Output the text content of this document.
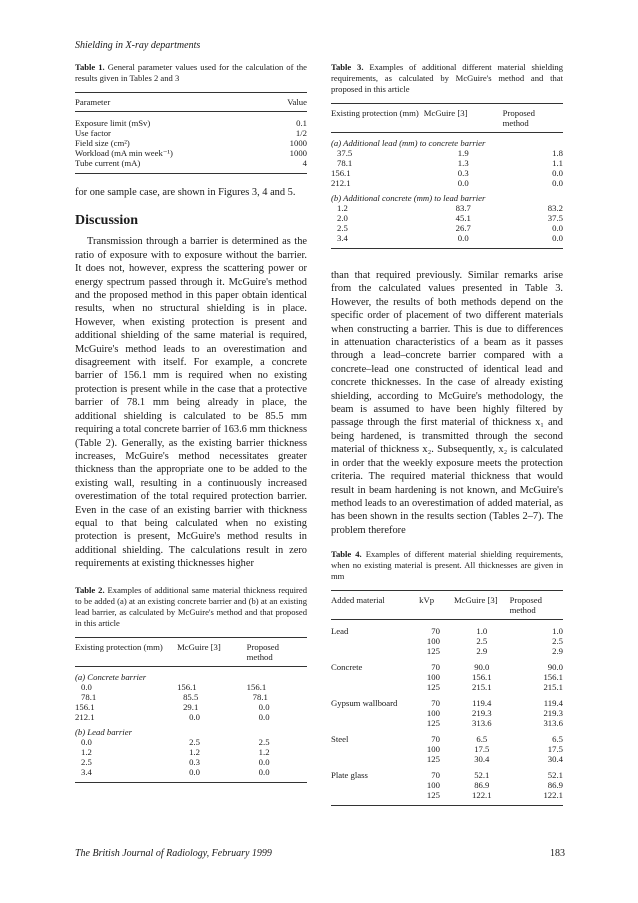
Shielding in X-ray departments

Table 1. General parameter values used for the calculation of the results given in Tables 2 and 3

Parameter	Value

Exposure limit (mSv)	0.1
Use factor	1/2
Field size (cm²)	1000
Workload (mA min week⁻¹)	1000
Tube current (mA)	4

for one sample case, are shown in Figures 3, 4 and 5.

Discussion

Transmission through a barrier is determined as the ratio of exposure with to exposure without the barrier. It does not, however, express the scattering power or energy spectrum passed through it. McGuire's method and the proposed method in this paper obtain identical results, when no structural shielding is in place. However, when existing protection is present and additional shielding of the same material is required, McGuire's method leads to an overestimation and disagreement with itself. For example, a concrete barrier of 156.1 mm is required when no existing protection is present while in the case that a protective barrier of 78.1 mm being already in place, the additional shielding is calculated to be 85.5 mm requiring a total concrete barrier of 163.6 mm thickness (Table 2). Generally, as the existing barrier thickness increases, McGuire's method necessitates greater thickness than the appropriate one to be added to the existing wall, resulting in a continuously increased overestimation of the total required protection barrier. Even in the case of an existing barrier with thickness equal to that being calculated when no existing protection is present, McGuire's method results in additional shielding. The calculations result in zero requirements at existing thicknesses higher

Table 2. Examples of additional same material thickness required to be added (a) at an existing concrete barrier and (b) at an existing lead barrier, as calculated by McGuire's method and that proposed in this article

Existing protection (mm)	McGuire [3]	Proposed method
(a) Concrete barrier		
0.0	156.1	156.1
78.1	85.5	78.1
156.1	29.1	0.0
212.1	0.0	0.0
(b) Lead barrier		
0.0	2.5	2.5
1.2	1.2	1.2
2.5	0.3	0.0
3.4	0.0	0.0

Table 3. Examples of additional different material shielding requirements, as calculated by McGuire's method and that proposed in this article

Existing protection (mm)	McGuire [3]	Proposed method
(a) Additional lead (mm) to concrete barrier		
37.5	1.9	1.8
78.1	1.3	1.1
156.1	0.3	0.0
212.1	0.0	0.0
(b) Additional concrete (mm) to lead barrier		
1.2	83.7	83.2
2.0	45.1	37.5
2.5	26.7	0.0
3.4	0.0	0.0

than that required previously. Similar remarks arise from the calculated values presented in Table 3. However, the results of both methods depend on the specific order of placement of two different materials when constructing a barrier. This is due to differences in attenuation characteristics of a beam as it passes through a lead–concrete barrier compared with a concrete–lead one constructed of identical lead and concrete thicknesses. In the case of already existing shielding, according to McGuire's methodology, the beam is assumed to have been highly filtered by passage through the first material of thickness x₁ and being hardened, is transmitted through the second material of thickness x₂. Subsequently, x₂ is calculated in order that the weekly exposure meets the protection criteria. The required material thickness that would result in beam hardening is not known, and McGuire's method leads to an overestimation of added material, as has been shown in the results section (Tables 2–7). The problem therefore

Table 4. Examples of different material shielding requirements, when no existing material is present. All thicknesses are given in mm

Added material	kVp	McGuire [3]	Proposed method

Lead	70	1.0	1.0
	100	2.5	2.5
	125	2.9	2.9

Concrete	70	90.0	90.0
	100	156.1	156.1
	125	215.1	215.1

Gypsum wallboard	70	119.4	119.4
	100	219.3	219.3
	125	313.6	313.6

Steel	70	6.5	6.5
	100	17.5	17.5
	125	30.4	30.4

Plate glass	70	52.1	52.1
	100	86.9	86.9
	125	122.1	122.1
The British Journal of Radiology, February 1999	183
